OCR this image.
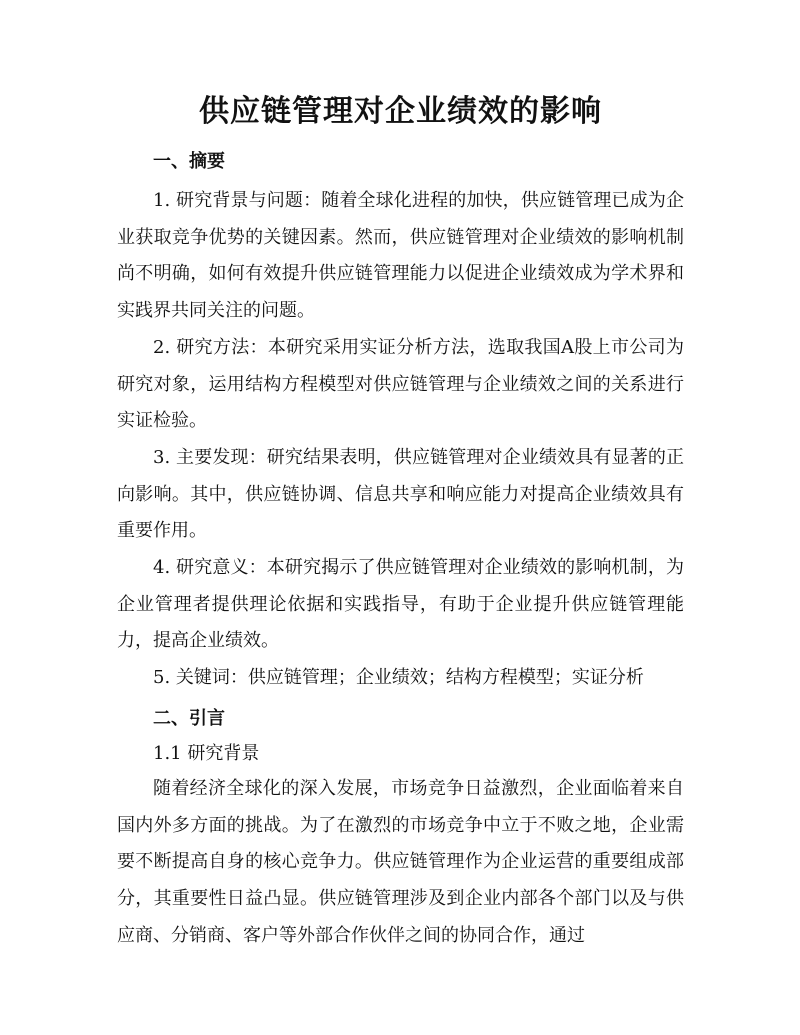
供应链管理对企业绩效的影响
一、摘要

1. 研究背景与问题：随着全球化进程的加快，供应链管理已成为企业获取竞争优势的关键因素。然而，供应链管理对企业绩效的影响机制尚不明确，如何有效提升供应链管理能力以促进企业绩效成为学术界和实践界共同关注的问题。

2. 研究方法：本研究采用实证分析方法，选取我国A股上市公司为研究对象，运用结构方程模型对供应链管理与企业绩效之间的关系进行实证检验。

3. 主要发现：研究结果表明，供应链管理对企业绩效具有显著的正向影响。其中，供应链协调、信息共享和响应能力对提高企业绩效具有重要作用。

4. 研究意义：本研究揭示了供应链管理对企业绩效的影响机制，为企业管理者提供理论依据和实践指导，有助于企业提升供应链管理能力，提高企业绩效。

5. 关键词：供应链管理；企业绩效；结构方程模型；实证分析

二、引言

1.1 研究背景

随着经济全球化的深入发展，市场竞争日益激烈，企业面临着来自国内外多方面的挑战。为了在激烈的市场竞争中立于不败之地，企业需要不断提高自身的核心竞争力。供应链管理作为企业运营的重要组成部分，其重要性日益凸显。供应链管理涉及到企业内部各个部门以及与供应商、分销商、客户等外部合作伙伴之间的协同合作，通过
